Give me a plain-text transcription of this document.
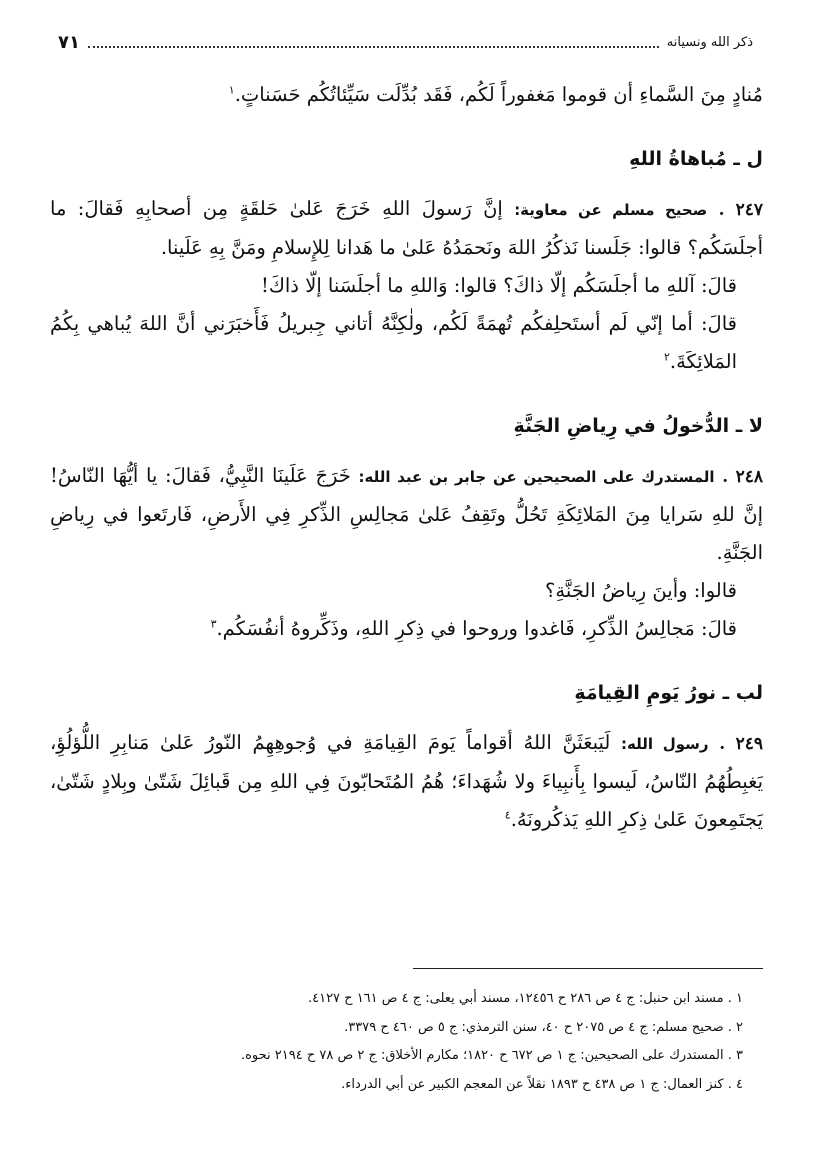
ذكر الله ونسيانه
٧١

مُنادٍ مِنَ السَّماءِ أن قوموا مَغفوراً لَكُم، فَقَد بُدِّلَت سَيِّئاتُكُم حَسَناتٍ.$^١$

ل ـ مُباهاةُ اللهِ

٢٤٧ . صحيح مسلم عن معاوية: إنَّ رَسولَ اللهِ خَرَجَ عَلىٰ حَلقَةٍ مِن أصحابِهِ فَقالَ: ما أجلَسَكُم؟ قالوا: جَلَسنا نَذكُرُ اللهَ ونَحمَدُهُ عَلىٰ ما هَدانا لِلإِسلامِ ومَنَّ بِهِ عَلَينا.

قالَ: آللهِ ما أجلَسَكُم إلّا ذاكَ؟ قالوا: وَاللهِ ما أجلَسَنا إلّا ذاكَ!

قالَ: أما إنّي لَم أستَحلِفكُم تُهمَةً لَكُم، ولٰكِنَّهُ أتاني جِبريلُ فَأَخبَرَني أنَّ اللهَ يُباهي بِكُمُ المَلائِكَةَ.$^٢$

لا ـ الدُّخولُ في رِياضِ الجَنَّةِ

٢٤٨ . المستدرك على الصحيحين عن جابر بن عبد الله: خَرَجَ عَلَينَا النَّبِيُّ، فَقالَ: يا أيُّهَا النّاسُ! إنَّ للهِ سَرايا مِنَ المَلائِكَةِ تَحُلُّ وتَقِفُ عَلىٰ مَجالِسِ الذِّكرِ فِي الأَرضِ، فَارتَعوا في رِياضِ الجَنَّةِ.

قالوا: وأينَ رِياضُ الجَنَّةِ؟

قالَ: مَجالِسُ الذِّكرِ، فَاغدوا وروحوا في ذِكرِ اللهِ، وذَكِّروهُ أنفُسَكُم.$^٣$

لب ـ نورُ يَومِ القِيامَةِ

٢٤٩ . رسول الله: لَيَبعَثَنَّ اللهُ أقواماً يَومَ القِيامَةِ في وُجوهِهِمُ النّورُ عَلىٰ مَنابِرِ اللُّؤلُؤِ، يَغبِطُهُمُ النّاسُ، لَيسوا بِأَنبِياءَ ولا شُهَداءَ؛ هُمُ المُتَحابّونَ فِي اللهِ مِن قَبائِلَ شَتّىٰ وبِلادٍ شَتّىٰ، يَجتَمِعونَ عَلىٰ ذِكرِ اللهِ يَذكُرونَهُ.$^٤$

١ . مسند ابن حنبل: ج ٤ ص ٢٨٦ ح ١٢٤٥٦، مسند أبي يعلى: ج ٤ ص ١٦١ ح ٤١٢٧.
٢ . صحيح مسلم: ج ٤ ص ٢٠٧٥ ح ٤٠، سنن الترمذي: ج ٥ ص ٤٦٠ ح ٣٣٧٩.
٣ . المستدرك على الصحيحين: ج ١ ص ٦٧٢ ح ١٨٢٠؛ مكارم الأخلاق: ج ٢ ص ٧٨ ح ٢١٩٤ نحوه.
٤ . كنز العمال: ج ١ ص ٤٣٨ ح ١٨٩٣ نقلاً عن المعجم الكبير عن أبي الدرداء.
